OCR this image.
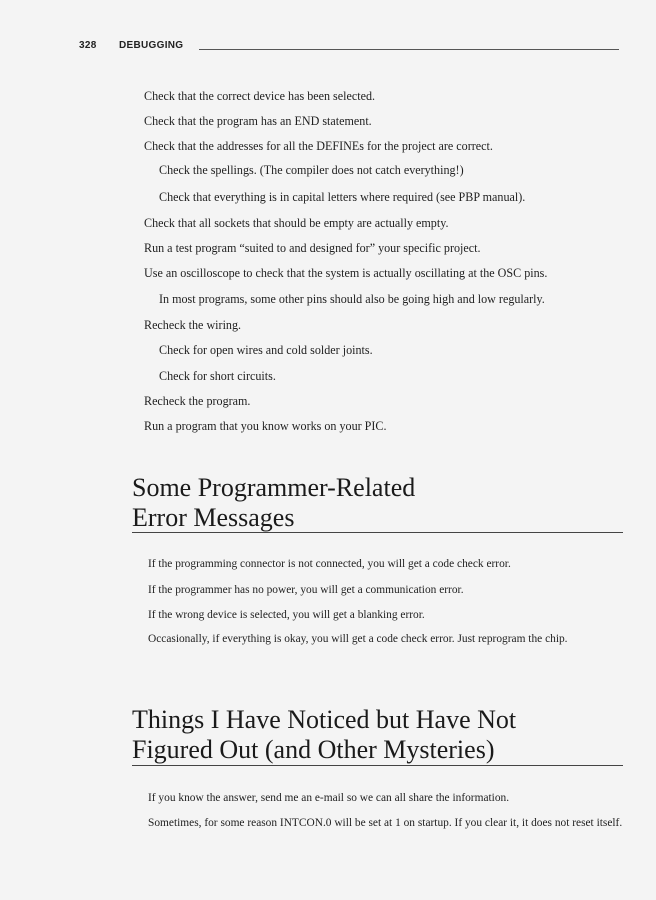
328 DEBUGGING

Check that the correct device has been selected.

Check that the program has an END statement.

Check that the addresses for all the DEFINEs for the project are correct.

Check the spellings. (The compiler does not catch everything!)

Check that everything is in capital letters where required (see PBP manual).

Check that all sockets that should be empty are actually empty.

Run a test program “suited to and designed for” your specific project.

Use an oscilloscope to check that the system is actually oscillating at the OSC pins.

In most programs, some other pins should also be going high and low regularly.

Recheck the wiring.

Check for open wires and cold solder joints.

Check for short circuits.

Recheck the program.

Run a program that you know works on your PIC.

Some Programmer-Related
Error Messages

If the programming connector is not connected, you will get a code check error.

If the programmer has no power, you will get a communication error.

If the wrong device is selected, you will get a blanking error.

Occasionally, if everything is okay, you will get a code check error. Just reprogram the chip.

Things I Have Noticed but Have Not
Figured Out (and Other Mysteries)

If you know the answer, send me an e-mail so we can all share the information.

Sometimes, for some reason INTCON.0 will be set at 1 on startup. If you clear it, it does not reset itself.
